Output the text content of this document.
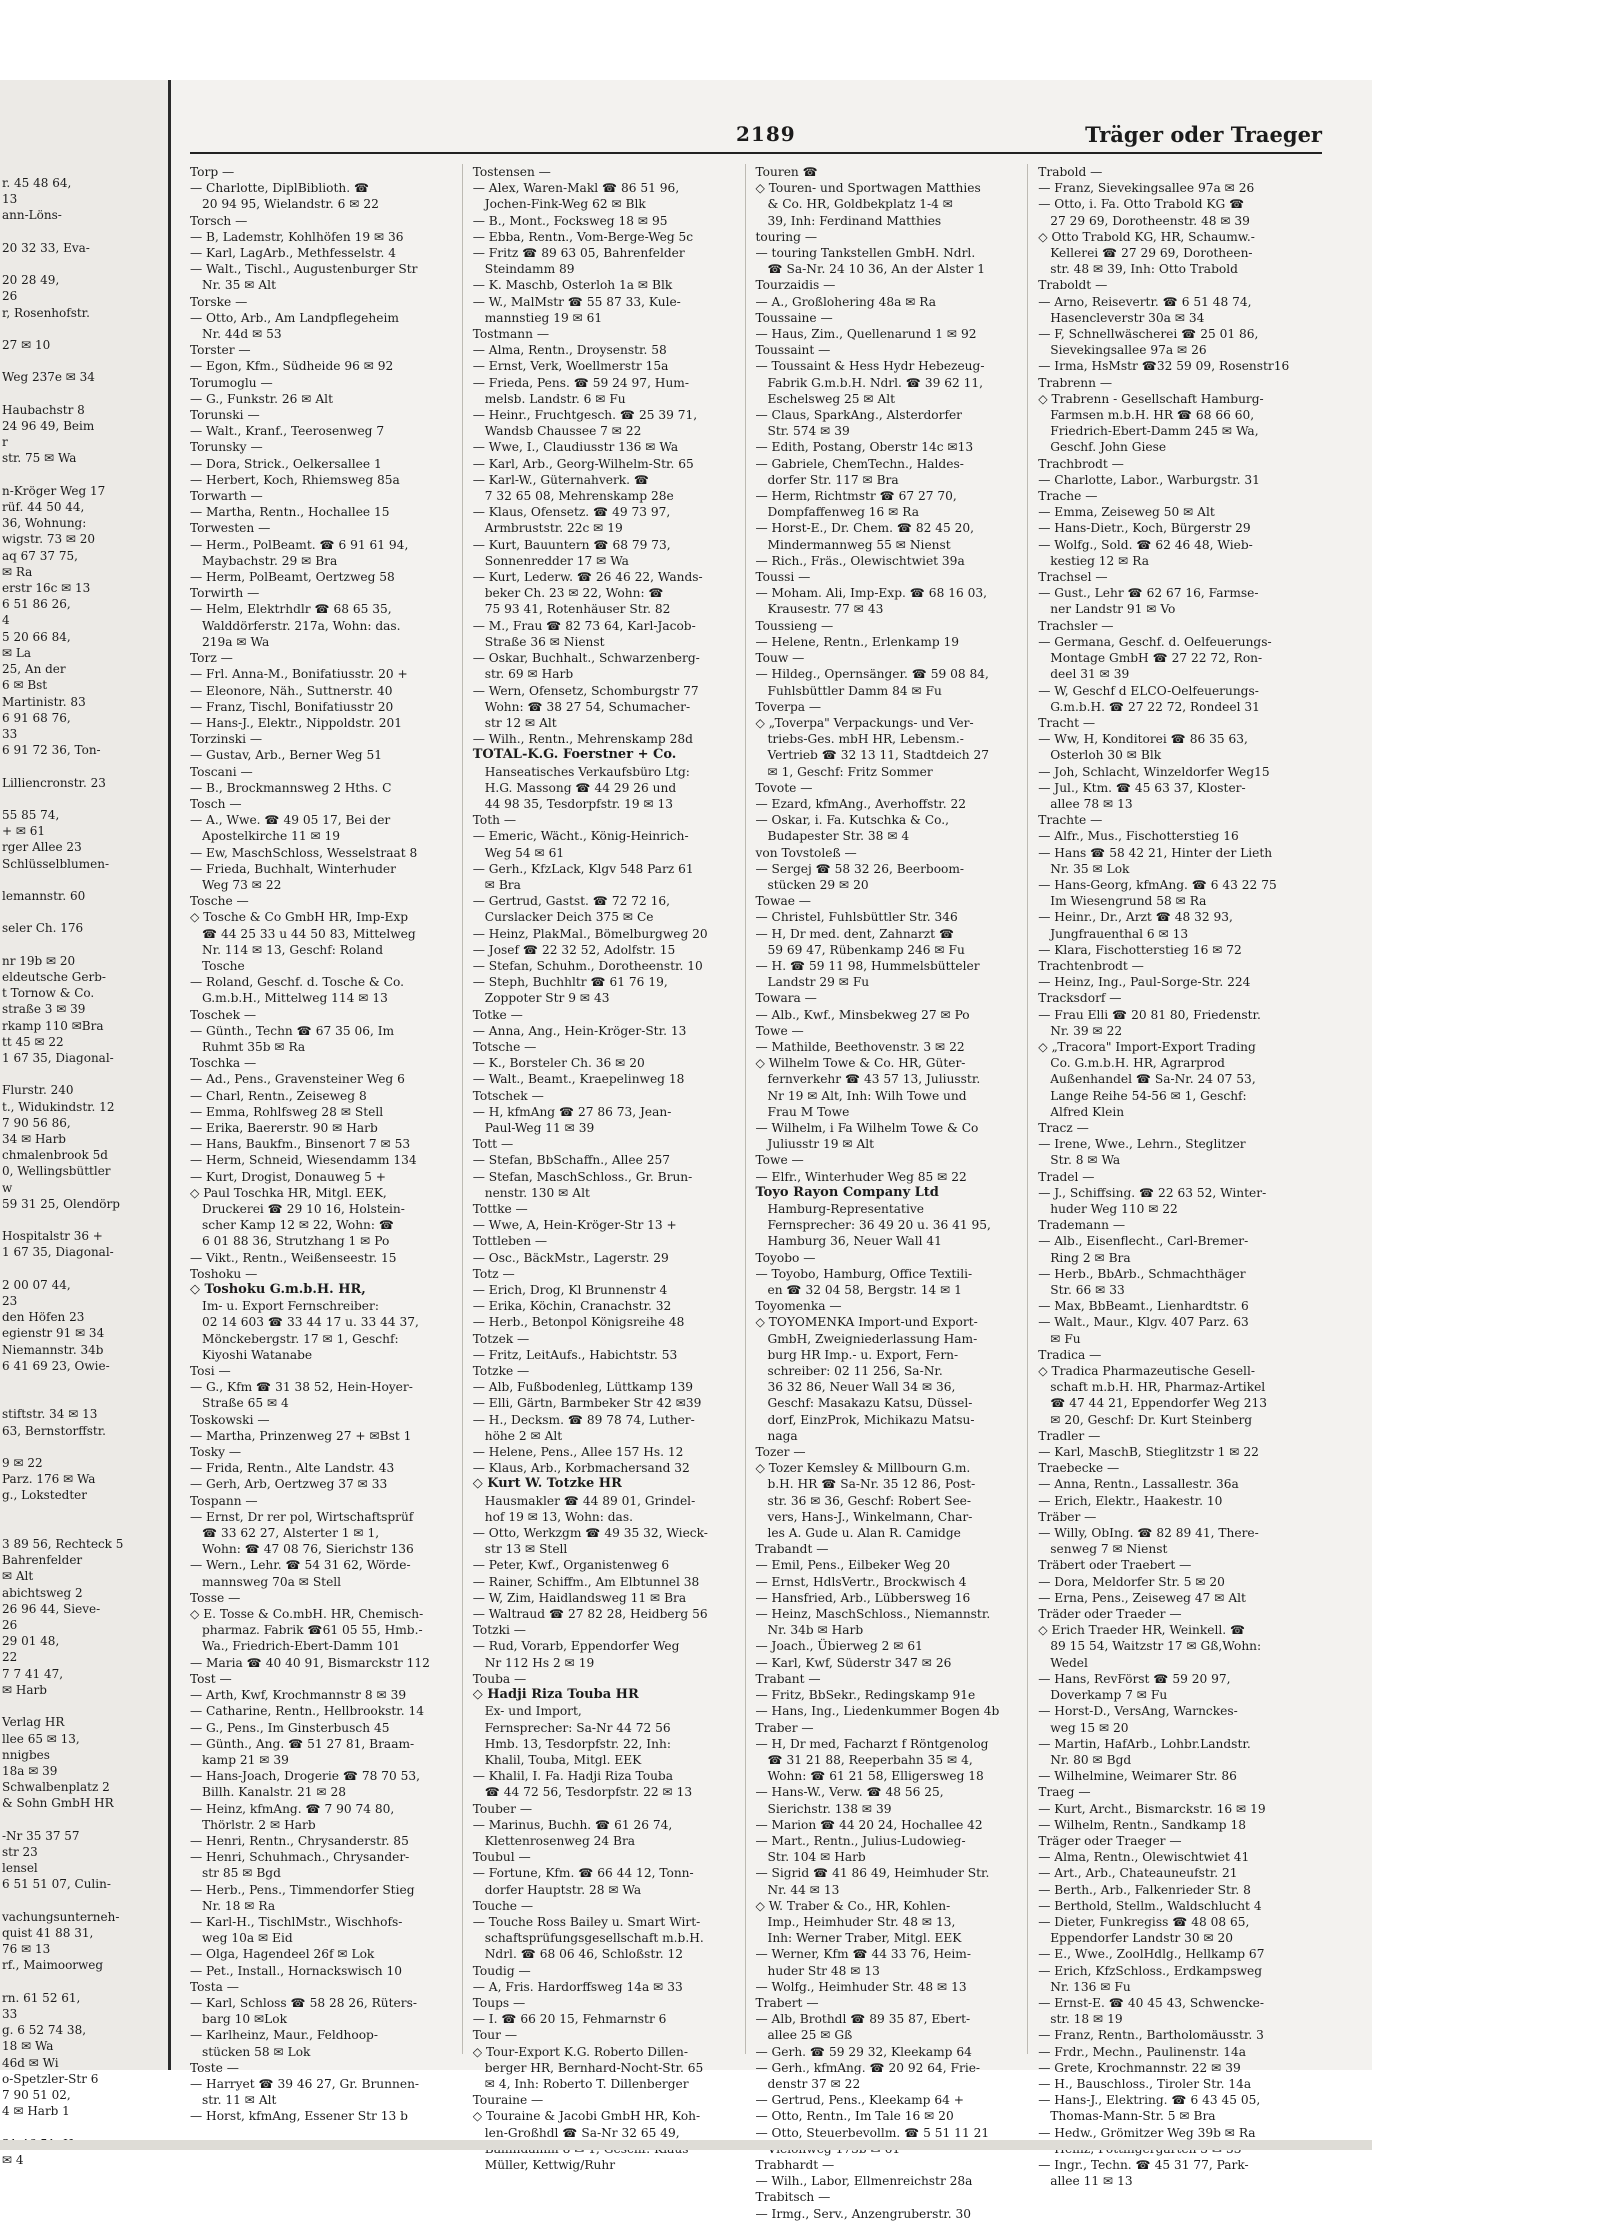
r. 45 48 64,
13
ann-Löns-

20 32 33, Eva-

20 28 49,
26
r, Rosenhofstr.

27 ✉ 10

Weg 237e ✉ 34

Haubachstr 8
24 96 49, Beim
r
str. 75 ✉ Wa

n-Kröger Weg 17
rüf. 44 50 44,
36, Wohnung:
wigstr. 73 ✉ 20
aq 67 37 75,
✉ Ra
erstr 16c ✉ 13
6 51 86 26,
4
5 20 66 84,
✉ La
25, An der
6 ✉ Bst
Martinistr. 83
6 91 68 76,
33
6 91 72 36, Ton-

Lilliencronstr. 23

55 85 74,
+ ✉ 61
rger Allee 23
Schlüsselblumen-

lemannstr. 60

seler Ch. 176

nr 19b ✉ 20
eldeutsche Gerb-
t Tornow & Co.
straße 3 ✉ 39
rkamp 110 ✉Bra
tt 45 ✉ 22
1 67 35, Diagonal-

Flurstr. 240
t., Widukindstr. 12
7 90 56 86,
34 ✉ Harb
chmalenbrook 5d
0, Wellingsbüttler
w
59 31 25, Olendörp

Hospitalstr 36 +
1 67 35, Diagonal-

2 00 07 44,
23
den Höfen 23
egienstr 91 ✉ 34
Niemannstr. 34b
6 41 69 23, Owie-

stiftstr. 34 ✉ 13
63, Bernstorffstr.

9 ✉ 22
Parz. 176 ✉ Wa
g., Lokstedter

3 89 56, Rechteck 5
Bahrenfelder
✉ Alt
abichtsweg 2
26 96 44, Sieve-
26
29 01 48,
22
7 7 41 47,
✉ Harb

Verlag HR
llee 65 ✉ 13,
nnigbes
18a ✉ 39
Schwalbenplatz 2
& Sohn GmbH HR

-Nr 35 37 57
str 23
lensel
6 51 51 07, Culin-

vachungsunterneh-
quist 41 88 31,
76 ✉ 13
rf., Maimoorweg

rn. 61 52 61,
33
g. 6 52 74 38,
18 ✉ Wa
46d ✉ Wi
o-Spetzler-Str 6
7 90 51 02,
4 ✉ Harb 1

✉ 4
2189	Träger oder Traeger
Torp —
— Charlotte, DiplBiblioth. ☎
20 94 95, Wielandstr. 6 ✉ 22
Torsch —
— B, Lademstr, Kohlhöfen 19 ✉ 36
— Karl, LagArb., Methfesselstr. 4
— Walt., Tischl., Augustenburger Str
Nr. 35 ✉ Alt
Torske —
— Otto, Arb., Am Landpflegeheim
Nr. 44d ✉ 53
Torster —
— Egon, Kfm., Südheide 96 ✉ 92
Torumoglu —
— G., Funkstr. 26 ✉ Alt
Torunski —
— Walt., Kranf., Teerosenweg 7
Torunsky —
— Dora, Strick., Oelkersallee 1
— Herbert, Koch, Rhiemsweg 85a
Torwarth —
— Martha, Rentn., Hochallee 15
Torwesten —
— Herm., PolBeamt. ☎ 6 91 61 94,
Maybachstr. 29 ✉ Bra
— Herm, PolBeamt, Oertzweg 58
Torwirth —
— Helm, Elektrhdlr ☎ 68 65 35,
Walddörferstr. 217a, Wohn: das.
219a ✉ Wa
Torz —
— Frl. Anna-M., Bonifatiusstr. 20 +
— Eleonore, Näh., Suttnerstr. 40
— Franz, Tischl, Bonifatiusstr 20
— Hans-J., Elektr., Nippoldstr. 201
Torzinski —
— Gustav, Arb., Berner Weg 51
Toscani —
— B., Brockmannsweg 2 Hths. C
Tosch —
— A., Wwe. ☎ 49 05 17, Bei der
Apostelkirche 11 ✉ 19
— Ew, MaschSchloss, Wesselstraat 8
— Frieda, Buchhalt, Winterhuder
Weg 73 ✉ 22
Tosche —
◇ Tosche & Co GmbH HR, Imp-Exp
☎ 44 25 33 u 44 50 83, Mittelweg
Nr. 114 ✉ 13, Geschf: Roland
Tosche
— Roland, Geschf. d. Tosche & Co.
G.m.b.H., Mittelweg 114 ✉ 13
Toschek —
— Günth., Techn ☎ 67 35 06, Im
Ruhmt 35b ✉ Ra
Toschka —
— Ad., Pens., Gravensteiner Weg 6
— Charl, Rentn., Zeiseweg 8
— Emma, Rohlfsweg 28 ✉ Stell
— Erika, Baererstr. 90 ✉ Harb
— Hans, Baukfm., Binsenort 7 ✉ 53
— Herm, Schneid, Wiesendamm 134
— Kurt, Drogist, Donauweg 5 +
◇ Paul Toschka HR, Mitgl. EEK,
Druckerei ☎ 29 10 16, Holstein-
scher Kamp 12 ✉ 22, Wohn: ☎
6 01 88 36, Strutzhang 1 ✉ Po
— Vikt., Rentn., Weißenseestr. 15
Toshoku —
◇ Toshoku G.m.b.H. HR,
Im- u. Export Fernschreiber:
02 14 603 ☎ 33 44 17 u. 33 44 37,
Mönckebergstr. 17 ✉ 1, Geschf:
Kiyoshi Watanabe
Tosi —
— G., Kfm ☎ 31 38 52, Hein-Hoyer-
Straße 65 ✉ 4
Toskowski —
— Martha, Prinzenweg 27 + ✉Bst 1
Tosky —
— Frida, Rentn., Alte Landstr. 43
— Gerh, Arb, Oertzweg 37 ✉ 33
Tospann —
— Ernst, Dr rer pol, Wirtschaftsprüf
☎ 33 62 27, Alsterter 1 ✉ 1,
Wohn: ☎ 47 08 76, Sierichstr 136
— Wern., Lehr. ☎ 54 31 62, Wörde-
mannsweg 70a ✉ Stell
Tosse —
◇ E. Tosse & Co.mbH. HR, Chemisch-
pharmaz. Fabrik ☎61 05 55, Hmb.-
Wa., Friedrich-Ebert-Damm 101
— Maria ☎ 40 40 91, Bismarckstr 112
Tost —
— Arth, Kwf, Krochmannstr 8 ✉ 39
— Catharine, Rentn., Hellbrookstr. 14
— G., Pens., Im Ginsterbusch 45
— Günth., Ang. ☎ 51 27 81, Braam-
kamp 21 ✉ 39
— Hans-Joach, Drogerie ☎ 78 70 53,
Billh. Kanalstr. 21 ✉ 28
— Heinz, kfmAng. ☎ 7 90 74 80,
Thörlstr. 2 ✉ Harb
— Henri, Rentn., Chrysanderstr. 85
— Henri, Schuhmach., Chrysander-
str 85 ✉ Bgd
— Herb., Pens., Timmendorfer Stieg
Nr. 18 ✉ Ra
— Karl-H., TischlMstr., Wischhofs-
weg 10a ✉ Eid
— Olga, Hagendeel 26f ✉ Lok
— Pet., Install., Hornackswisch 10
Tosta —
— Karl, Schloss ☎ 58 28 26, Rüters-
barg 10 ✉Lok
— Karlheinz, Maur., Feldhoop-
stücken 58 ✉ Lok
Toste —
— Harryet ☎ 39 46 27, Gr. Brunnen-
str. 11 ✉ Alt
— Horst, kfmAng, Essener Str 13 b
Tostensen —
— Alex, Waren-Makl ☎ 86 51 96,
Jochen-Fink-Weg 62 ✉ Blk
— B., Mont., Focksweg 18 ✉ 95
— Ebba, Rentn., Vom-Berge-Weg 5c
— Fritz ☎ 89 63 05, Bahrenfelder
Steindamm 89
— K. Maschb, Osterloh 1a ✉ Blk
— W., MalMstr ☎ 55 87 33, Kule-
mannstieg 19 ✉ 61
Tostmann —
— Alma, Rentn., Droysenstr. 58
— Ernst, Verk, Woellmerstr 15a
— Frieda, Pens. ☎ 59 24 97, Hum-
melsb. Landstr. 6 ✉ Fu
— Heinr., Fruchtgesch. ☎ 25 39 71,
Wandsb Chaussee 7 ✉ 22
— Wwe, I., Claudiusstr 136 ✉ Wa
— Karl, Arb., Georg-Wilhelm-Str. 65
— Karl-W., Güternahverk. ☎
7 32 65 08, Mehrenskamp 28e
— Klaus, Ofensetz. ☎ 49 73 97,
Armbruststr. 22c ✉ 19
— Kurt, Bauuntern ☎ 68 79 73,
Sonnenredder 17 ✉ Wa
— Kurt, Lederw. ☎ 26 46 22, Wands-
beker Ch. 23 ✉ 22, Wohn: ☎
75 93 41, Rotenhäuser Str. 82
— M., Frau ☎ 82 73 64, Karl-Jacob-
Straße 36 ✉ Nienst
— Oskar, Buchhalt., Schwarzenberg-
str. 69 ✉ Harb
— Wern, Ofensetz, Schomburgstr 77
Wohn: ☎ 38 27 54, Schumacher-
str 12 ✉ Alt
— Wilh., Rentn., Mehrenskamp 28d
TOTAL-K.G. Foerstner + Co.
Hanseatisches Verkaufsbüro Ltg:
H.G. Massong ☎ 44 29 26 und
44 98 35, Tesdorpfstr. 19 ✉ 13
Toth —
— Emeric, Wächt., König-Heinrich-
Weg 54 ✉ 61
— Gerh., KfzLack, Klgv 548 Parz 61
✉ Bra
— Gertrud, Gastst. ☎ 72 72 16,
Curslacker Deich 375 ✉ Ce
— Heinz, PlakMal., Bömelburgweg 20
— Josef ☎ 22 32 52, Adolfstr. 15
— Stefan, Schuhm., Dorotheenstr. 10
— Steph, Buchhltr ☎ 61 76 19,
Zoppoter Str 9 ✉ 43
Totke —
— Anna, Ang., Hein-Kröger-Str. 13
Totsche —
— K., Borsteler Ch. 36 ✉ 20
— Walt., Beamt., Kraepelinweg 18
Totschek —
— H, kfmAng ☎ 27 86 73, Jean-
Paul-Weg 11 ✉ 39
Tott —
— Stefan, BbSchaffn., Allee 257
— Stefan, MaschSchloss., Gr. Brun-
nenstr. 130 ✉ Alt
Tottke —
— Wwe, A, Hein-Kröger-Str 13 +
Tottleben —
— Osc., BäckMstr., Lagerstr. 29
Totz —
— Erich, Drog, Kl Brunnenstr 4
— Erika, Köchin, Cranachstr. 32
— Herb., Betonpol Königsreihe 48
Totzek —
— Fritz, LeitAufs., Habichtstr. 53
Totzke —
— Alb, Fußbodenleg, Lüttkamp 139
— Elli, Gärtn, Barmbeker Str 42 ✉39
— H., Decksm. ☎ 89 78 74, Luther-
höhe 2 ✉ Alt
— Helene, Pens., Allee 157 Hs. 12
— Klaus, Arb., Korbmachersand 32
◇ Kurt W. Totzke HR
Hausmakler ☎ 44 89 01, Grindel-
hof 19 ✉ 13, Wohn: das.
— Otto, Werkzgm ☎ 49 35 32, Wieck-
str 13 ✉ Stell
— Peter, Kwf., Organistenweg 6
— Rainer, Schiffm., Am Elbtunnel 38
— W, Zim, Haidlandsweg 11 ✉ Bra
— Waltraud ☎ 27 82 28, Heidberg 56
Totzki —
— Rud, Vorarb, Eppendorfer Weg
Nr 112 Hs 2 ✉ 19
Touba —
◇ Hadji Riza Touba HR
Ex- und Import,
Fernsprecher: Sa-Nr 44 72 56
Hmb. 13, Tesdorpfstr. 22, Inh:
Khalil, Touba, Mitgl. EEK
— Khalil, I. Fa. Hadji Riza Touba
☎ 44 72 56, Tesdorpfstr. 22 ✉ 13
Touber —
— Marinus, Buchh. ☎ 61 26 74,
Klettenrosenweg 24 Bra
Toubul —
— Fortune, Kfm. ☎ 66 44 12, Tonn-
dorfer Hauptstr. 28 ✉ Wa
Touche —
— Touche Ross Bailey u. Smart Wirt-
schaftsprüfungsgesellschaft m.b.H.
Ndrl. ☎ 68 06 46, Schloßstr. 12
Toudig —
— A, Fris. Hardorffsweg 14a ✉ 33
Toups —
— I. ☎ 66 20 15, Fehmarnstr 6
Tour —
◇ Tour-Export K.G. Roberto Dillen-
berger HR, Bernhard-Nocht-Str. 65
✉ 4, Inh: Roberto T. Dillenberger
Touraine —
◇ Touraine & Jacobi GmbH HR, Koh-
len-Großhdl ☎ Sa-Nr 32 65 49,
Müller, Kettwig/Ruhr
Touren ☎
◇ Touren- und Sportwagen Matthies
& Co. HR, Goldbekplatz 1-4 ✉
39, Inh: Ferdinand Matthies
touring —
— touring Tankstellen GmbH. Ndrl.
☎ Sa-Nr. 24 10 36, An der Alster 1
Tourzaidis —
— A., Großlohering 48a ✉ Ra
Toussaine —
— Haus, Zim., Quellenarund 1 ✉ 92
Toussaint —
— Toussaint & Hess Hydr Hebezeug-
Fabrik G.m.b.H. Ndrl. ☎ 39 62 11,
Eschelsweg 25 ✉ Alt
— Claus, SparkAng., Alsterdorfer
Str. 574 ✉ 39
— Edith, Postang, Oberstr 14c ✉13
— Gabriele, ChemTechn., Haldes-
dorfer Str. 117 ✉ Bra
— Herm, Richtmstr ☎ 67 27 70,
Dompfaffenweg 16 ✉ Ra
— Horst-E., Dr. Chem. ☎ 82 45 20,
Mindermannweg 55 ✉ Nienst
— Rich., Fräs., Olewischtwiet 39a
Toussi —
— Moham. Ali, Imp-Exp. ☎ 68 16 03,
Krausestr. 77 ✉ 43
Toussieng —
— Helene, Rentn., Erlenkamp 19
Touw —
— Hildeg., Opernsänger. ☎ 59 08 84,
Fuhlsbüttler Damm 84 ✉ Fu
Toverpa —
◇ „Toverpa" Verpackungs- und Ver-
triebs-Ges. mbH HR, Lebensm.-
Vertrieb ☎ 32 13 11, Stadtdeich 27
✉ 1, Geschf: Fritz Sommer
Tovote —
— Ezard, kfmAng., Averhoffstr. 22
— Oskar, i. Fa. Kutschka & Co.,
Budapester Str. 38 ✉ 4
von Tovstoleß —
— Sergej ☎ 58 32 26, Beerboom-
stücken 29 ✉ 20
Towae —
— Christel, Fuhlsbüttler Str. 346
— H, Dr med. dent, Zahnarzt ☎
59 69 47, Rübenkamp 246 ✉ Fu
— H. ☎ 59 11 98, Hummelsbütteler
Landstr 29 ✉ Fu
Towara —
— Alb., Kwf., Minsbekweg 27 ✉ Po
Towe —
— Mathilde, Beethovenstr. 3 ✉ 22
◇ Wilhelm Towe & Co. HR, Güter-
fernverkehr ☎ 43 57 13, Juliusstr.
Nr 19 ✉ Alt, Inh: Wilh Towe und
Frau M Towe
— Wilhelm, i Fa Wilhelm Towe & Co
Juliusstr 19 ✉ Alt
Towe —
— Elfr., Winterhuder Weg 85 ✉ 22
Toyo Rayon Company Ltd
Hamburg-Representative
Fernsprecher: 36 49 20 u. 36 41 95,
Hamburg 36, Neuer Wall 41
Toyobo —
— Toyobo, Hamburg, Office Textili-
en ☎ 32 04 58, Bergstr. 14 ✉ 1
Toyomenka —
◇ TOYOMENKA Import-und Export-
GmbH, Zweigniederlassung Ham-
burg HR Imp.- u. Export, Fern-
schreiber: 02 11 256, Sa-Nr.
36 32 86, Neuer Wall 34 ✉ 36,
Geschf: Masakazu Katsu, Düssel-
dorf, EinzProk, Michikazu Matsu-
naga
Tozer —
◇ Tozer Kemsley & Millbourn G.m.
b.H. HR ☎ Sa-Nr. 35 12 86, Post-
str. 36 ✉ 36, Geschf: Robert See-
vers, Hans-J., Winkelmann, Char-
les A. Gude u. Alan R. Camidge
Trabandt —
— Emil, Pens., Eilbeker Weg 20
— Ernst, HdlsVertr., Brockwisch 4
— Hansfried, Arb., Lübbersweg 16
— Heinz, MaschSchloss., Niemannstr.
Nr. 34b ✉ Harb
— Joach., Übierweg 2 ✉ 61
— Karl, Kwf, Süderstr 347 ✉ 26
Trabant —
— Fritz, BbSekr., Redingskamp 91e
— Hans, Ing., Liedenkummer Bogen 4b
Traber —
— H, Dr med, Facharzt f Röntgenolog
☎ 31 21 88, Reeperbahn 35 ✉ 4,
Wohn: ☎ 61 21 58, Elligersweg 18
— Hans-W., Verw. ☎ 48 56 25,
Sierichstr. 138 ✉ 39
— Marion ☎ 44 20 24, Hochallee 42
— Mart., Rentn., Julius-Ludowieg-
Str. 104 ✉ Harb
— Sigrid ☎ 41 86 49, Heimhuder Str.
Nr. 44 ✉ 13
◇ W. Traber & Co., HR, Kohlen-
Imp., Heimhuder Str. 48 ✉ 13,
Inh: Werner Traber, Mitgl. EEK
— Werner, Kfm ☎ 44 33 76, Heim-
huder Str 48 ✉ 13
— Wolfg., Heimhuder Str. 48 ✉ 13
Trabert —
— Alb, Brothdl ☎ 89 35 87, Ebert-
allee 25 ✉ Gß
— Gerh. ☎ 59 29 32, Kleekamp 64
— Gerh., kfmAng. ☎ 20 92 64, Frie-
denstr 37 ✉ 22
— Gertrud, Pens., Kleekamp 64 +
— Otto, Rentn., Im Tale 16 ✉ 20
— Otto, Steuerbevollm. ☎ 5 51 11 21
Trabhardt —
— Wilh., Labor, Ellmenreichstr 28a
Trabitsch —
— Irmg., Serv., Anzengruberstr. 30
Trabold —
— Franz, Sievekingsallee 97a ✉ 26
— Otto, i. Fa. Otto Trabold KG ☎
27 29 69, Dorotheenstr. 48 ✉ 39
◇ Otto Trabold KG, HR, Schaumw.-
Kellerei ☎ 27 29 69, Dorotheen-
str. 48 ✉ 39, Inh: Otto Trabold
Traboldt —
— Arno, Reisevertr. ☎ 6 51 48 74,
Hasencleverstr 30a ✉ 34
— F, Schnellwäscherei ☎ 25 01 86,
Sievekingsallee 97a ✉ 26
— Irma, HsMstr ☎32 59 09, Rosenstr16
Trabrenn —
◇ Trabrenn - Gesellschaft Hamburg-
Farmsen m.b.H. HR ☎ 68 66 60,
Friedrich-Ebert-Damm 245 ✉ Wa,
Geschf. John Giese
Trachbrodt —
— Charlotte, Labor., Warburgstr. 31
Trache —
— Emma, Zeiseweg 50 ✉ Alt
— Hans-Dietr., Koch, Bürgerstr 29
— Wolfg., Sold. ☎ 62 46 48, Wieb-
kestieg 12 ✉ Ra
Trachsel —
— Gust., Lehr ☎ 62 67 16, Farmse-
ner Landstr 91 ✉ Vo
Trachsler —
— Germana, Geschf. d. Oelfeuerungs-
Montage GmbH ☎ 27 22 72, Ron-
deel 31 ✉ 39
— W, Geschf d ELCO-Oelfeuerungs-
G.m.b.H. ☎ 27 22 72, Rondeel 31
Tracht —
— Ww, H, Konditorei ☎ 86 35 63,
Osterloh 30 ✉ Blk
— Joh, Schlacht, Winzeldorfer Weg15
— Jul., Ktm. ☎ 45 63 37, Kloster-
allee 78 ✉ 13
Trachte —
— Alfr., Mus., Fischotterstieg 16
— Hans ☎ 58 42 21, Hinter der Lieth
Nr. 35 ✉ Lok
— Hans-Georg, kfmAng. ☎ 6 43 22 75
Im Wiesengrund 58 ✉ Ra
— Heinr., Dr., Arzt ☎ 48 32 93,
Jungfrauenthal 6 ✉ 13
— Klara, Fischotterstieg 16 ✉ 72
Trachtenbrodt —
— Heinz, Ing., Paul-Sorge-Str. 224
Tracksdorf —
— Frau Elli ☎ 20 81 80, Friedenstr.
Nr. 39 ✉ 22
◇ „Tracora" Import-Export Trading
Co. G.m.b.H. HR, Agrarprod
Außenhandel ☎ Sa-Nr. 24 07 53,
Lange Reihe 54-56 ✉ 1, Geschf:
Alfred Klein
Tracz —
— Irene, Wwe., Lehrn., Steglitzer
Str. 8 ✉ Wa
Tradel —
— J., Schiffsing. ☎ 22 63 52, Winter-
huder Weg 110 ✉ 22
Trademann —
— Alb., Eisenflecht., Carl-Bremer-
Ring 2 ✉ Bra
— Herb., BbArb., Schmachthäger
Str. 66 ✉ 33
— Max, BbBeamt., Lienhardtstr. 6
— Walt., Maur., Klgv. 407 Parz. 63
✉ Fu
Tradica —
◇ Tradica Pharmazeutische Gesell-
schaft m.b.H. HR, Pharmaz-Artikel
☎ 47 44 21, Eppendorfer Weg 213
✉ 20, Geschf: Dr. Kurt Steinberg
Tradler —
— Karl, MaschB, Stieglitzstr 1 ✉ 22
Traebecke —
— Anna, Rentn., Lassallestr. 36a
— Erich, Elektr., Haakestr. 10
Träber —
— Willy, ObIng. ☎ 82 89 41, There-
senweg 7 ✉ Nienst
Träbert oder Traebert —
— Dora, Meldorfer Str. 5 ✉ 20
— Erna, Pens., Zeiseweg 47 ✉ Alt
Träder oder Traeder —
◇ Erich Traeder HR, Weinkell. ☎
89 15 54, Waitzstr 17 ✉ Gß,Wohn:
Wedel
— Hans, RevFörst ☎ 59 20 97,
Doverkamp 7 ✉ Fu
— Horst-D., VersAng, Warnckes-
weg 15 ✉ 20
— Martin, HafArb., Lohbr.Landstr.
Nr. 80 ✉ Bgd
— Wilhelmine, Weimarer Str. 86
Traeg —
— Kurt, Archt., Bismarckstr. 16 ✉ 19
— Wilhelm, Rentn., Sandkamp 18
Träger oder Traeger —
— Alma, Rentn., Olewischtwiet 41
— Art., Arb., Chateauneufstr. 21
— Berth., Arb., Falkenrieder Str. 8
— Berthold, Stellm., Waldschlucht 4
— Dieter, Funkregiss ☎ 48 08 65,
Eppendorfer Landstr 30 ✉ 20
— E., Wwe., ZoolHdlg., Hellkamp 67
— Erich, KfzSchloss., Erdkampsweg
Nr. 136 ✉ Fu
— Ernst-E. ☎ 40 45 43, Schwencke-
str. 18 ✉ 19
— Franz, Rentn., Bartholomäusstr. 3
— Frdr., Mechn., Paulinenstr. 14a
— Grete, Krochmannstr. 22 ✉ 39
— H., Bauschloss., Tiroler Str. 14a
— Hans-J., Elektring. ☎ 6 43 45 05,
Thomas-Mann-Str. 5 ✉ Bra
— Hedw., Grömitzer Weg 39b ✉ Ra
— Ingr., Techn. ☎ 45 31 77, Park-
allee 11 ✉ 13
